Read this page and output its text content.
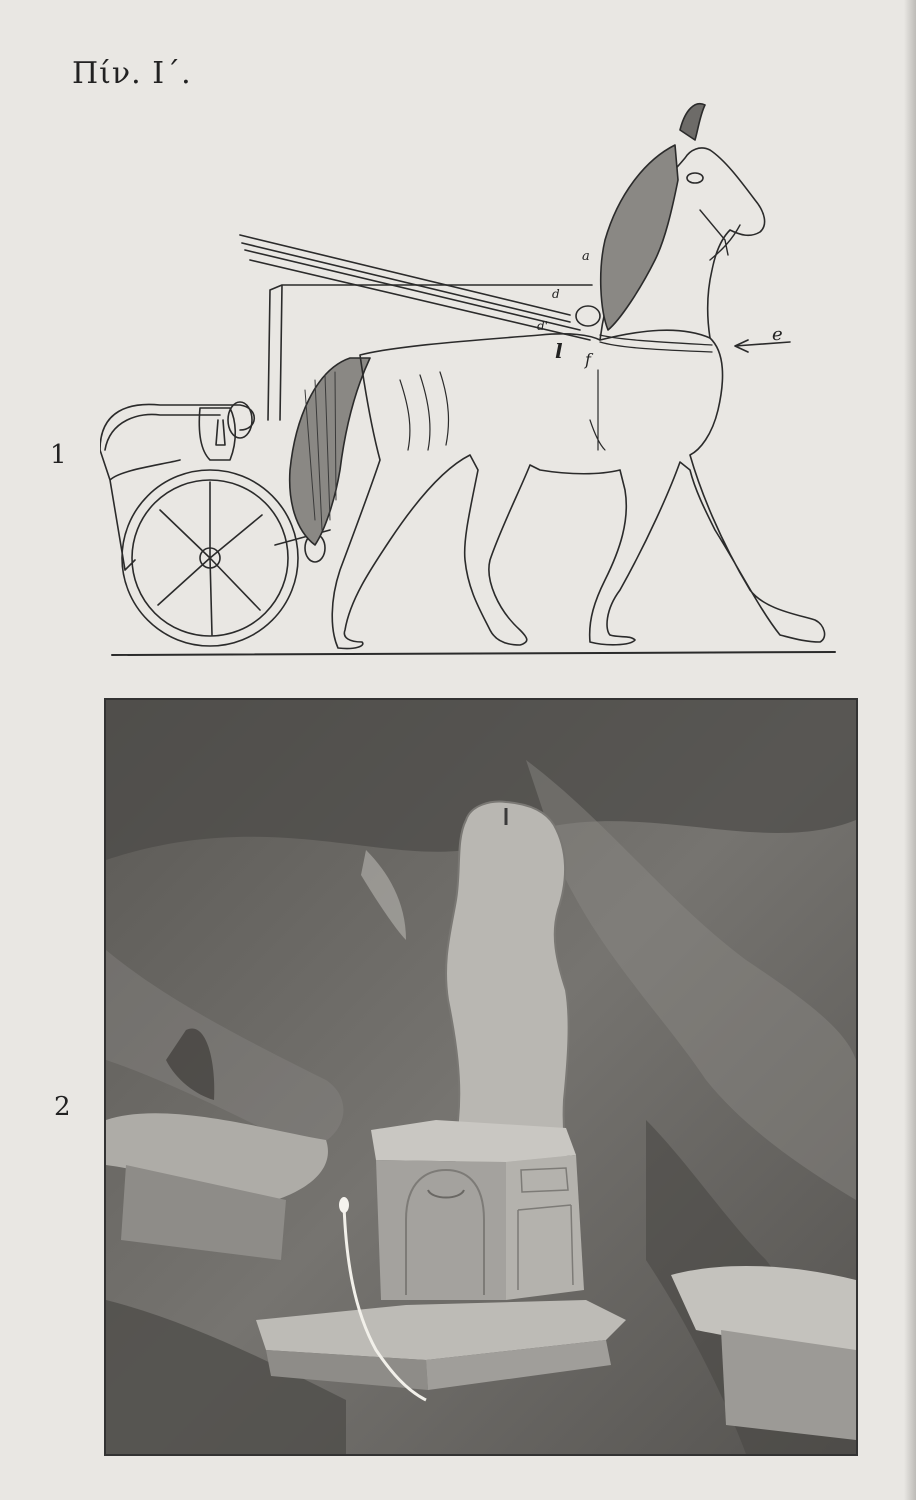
Πίν. Ι΄.
1
2
a
d
d'
l f
e
